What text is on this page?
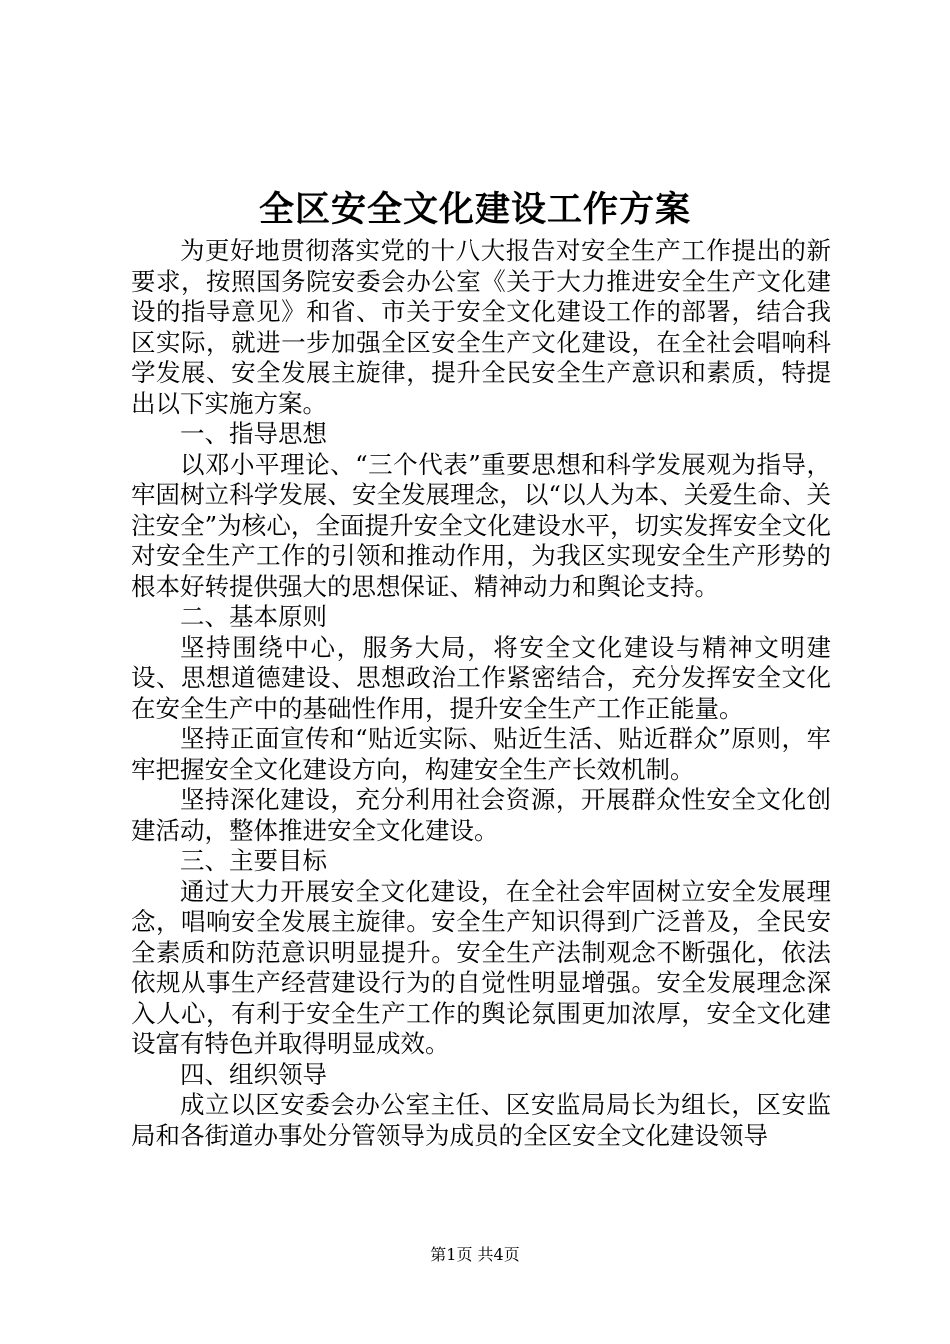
全区安全文化建设工作方案

为更好地贯彻落实党的十八大报告对安全生产工作提出的新要求，按照国务院安委会办公室《关于大力推进安全生产文化建设的指导意见》和省、市关于安全文化建设工作的部署，结合我区实际，就进一步加强全区安全生产文化建设，在全社会唱响科学发展、安全发展主旋律，提升全民安全生产意识和素质，特提出以下实施方案。

一、指导思想

以邓小平理论、“三个代表”重要思想和科学发展观为指导，牢固树立科学发展、安全发展理念，以“以人为本、关爱生命、关注安全”为核心，全面提升安全文化建设水平，切实发挥安全文化对安全生产工作的引领和推动作用，为我区实现安全生产形势的根本好转提供强大的思想保证、精神动力和舆论支持。

二、基本原则

坚持围绕中心，服务大局，将安全文化建设与精神文明建设、思想道德建设、思想政治工作紧密结合，充分发挥安全文化在安全生产中的基础性作用，提升安全生产工作正能量。

坚持正面宣传和“贴近实际、贴近生活、贴近群众”原则，牢牢把握安全文化建设方向，构建安全生产长效机制。

坚持深化建设，充分利用社会资源，开展群众性安全文化创建活动，整体推进安全文化建设。

三、主要目标

通过大力开展安全文化建设，在全社会牢固树立安全发展理念，唱响安全发展主旋律。安全生产知识得到广泛普及，全民安全素质和防范意识明显提升。安全生产法制观念不断强化，依法依规从事生产经营建设行为的自觉性明显增强。安全发展理念深入人心，有利于安全生产工作的舆论氛围更加浓厚，安全文化建设富有特色并取得明显成效。

四、组织领导

成立以区安委会办公室主任、区安监局局长为组长，区安监局和各街道办事处分管领导为成员的全区安全文化建设领导

第1页 共4页
